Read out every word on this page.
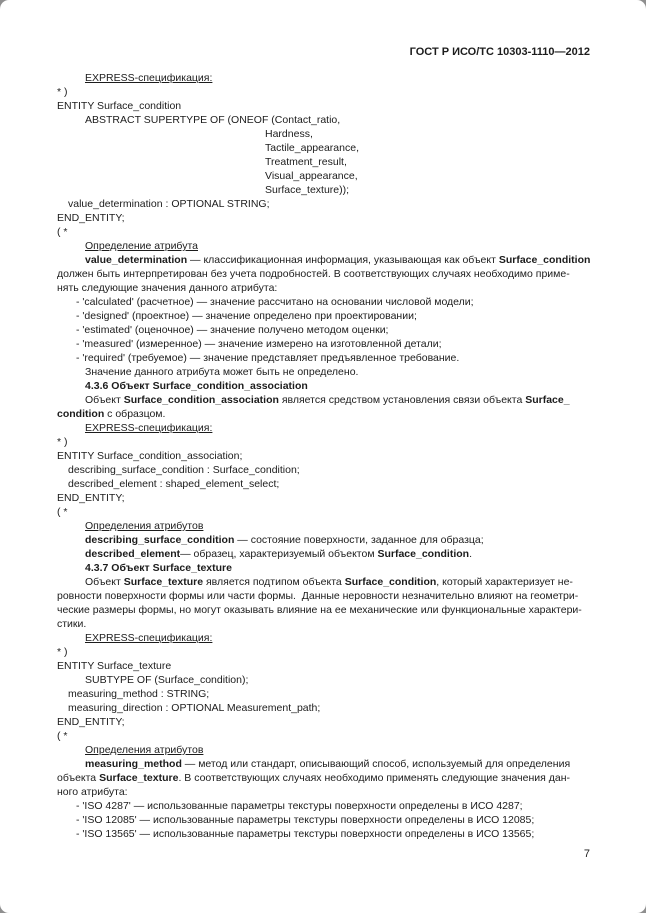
ГОСТ Р ИСО/ТС 10303-1110—2012
EXPRESS-спецификация:
* )
ENTITY Surface_condition
ABSTRACT SUPERTYPE OF (ONEOF (Contact_ratio,
Hardness,
Tactile_appearance,
Treatment_result,
Visual_appearance,
Surface_texture));
value_determination : OPTIONAL STRING;
END_ENTITY;
( *
Определение атрибута
value_determination — классификационная информация, указывающая как объект Surface_condition
должен быть интерпретирован без учета подробностей. В соответствующих случаях необходимо приме-
нять следующие значения данного атрибута:
- 'calculated' (расчетное) — значение рассчитано на основании числовой модели;
- 'designed' (проектное) — значение определено при проектировании;
- 'estimated' (оценочное) — значение получено методом оценки;
- 'measured' (измеренное) — значение измерено на изготовленной детали;
- 'required' (требуемое) — значение представляет предъявленное требование.
Значение данного атрибута может быть не определено.
4.3.6 Объект Surface_condition_association
Объект Surface_condition_association является средством установления связи объекта Surface_
condition с образцом.
EXPRESS-спецификация:
* )
ENTITY Surface_condition_association;
describing_surface_condition : Surface_condition;
described_element : shaped_element_select;
END_ENTITY;
( *
Определения атрибутов
describing_surface_condition — состояние поверхности, заданное для образца;
described_element— образец, характеризуемый объектом Surface_condition.
4.3.7 Объект Surface_texture
Объект Surface_texture является подтипом объекта Surface_condition, который характеризует не-
ровности поверхности формы или части формы.  Данные неровности незначительно влияют на геометри-
ческие размеры формы, но могут оказывать влияние на ее механические или функциональные характери-
стики.
EXPRESS-спецификация:
* )
ENTITY Surface_texture
SUBTYPE OF (Surface_condition);
measuring_method : STRING;
measuring_direction : OPTIONAL Measurement_path;
END_ENTITY;
( *
Определения атрибутов
measuring_method — метод или стандарт, описывающий способ, используемый для определения
объекта Surface_texture. В соответствующих случаях необходимо применять следующие значения дан-
ного атрибута:
- 'ISO 4287' — использованные параметры текстуры поверхности определены в ИСО 4287;
- 'ISO 12085' — использованные параметры текстуры поверхности определены в ИСО 12085;
- 'ISO 13565' — использованные параметры текстуры поверхности определены в ИСО 13565;
7
